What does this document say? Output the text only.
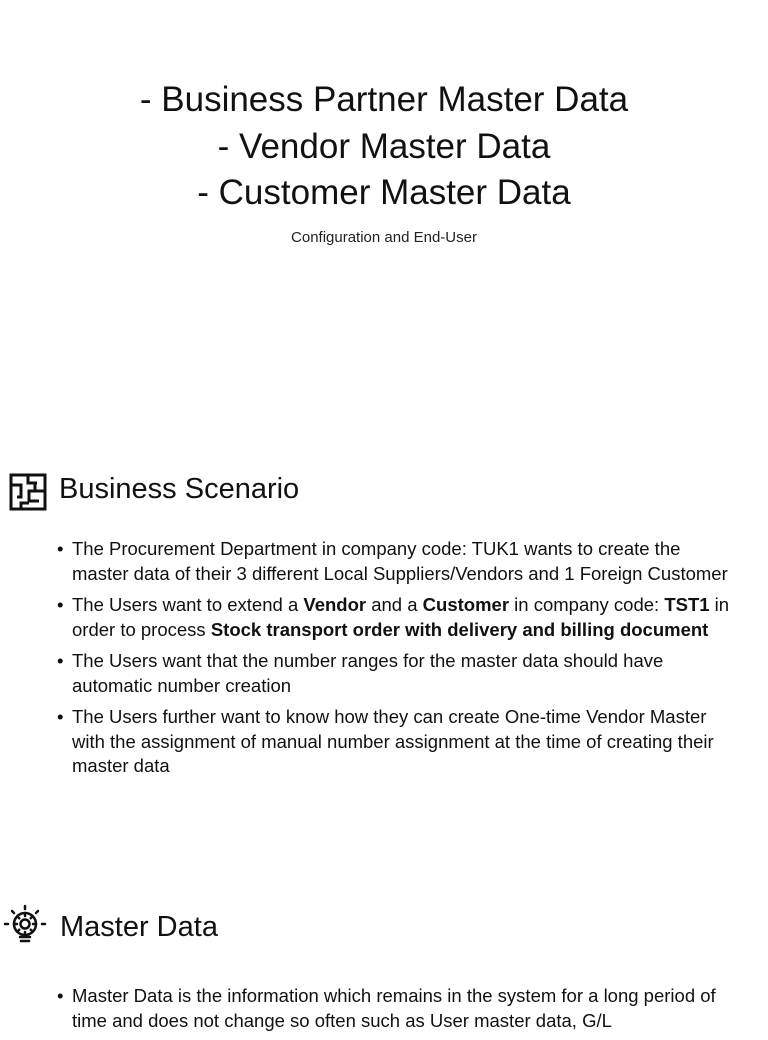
- Business Partner Master Data
- Vendor Master Data
- Customer Master Data
Configuration and End-User
Business Scenario
• The Procurement Department in company code: TUK1 wants to create the master data of their 3 different Local Suppliers/Vendors and 1 Foreign Customer
• The Users want to extend a Vendor and a Customer in company code: TST1 in order to process Stock transport order with delivery and billing document
• The Users want that the number ranges for the master data should have automatic number creation
• The Users further want to know how they can create One-time Vendor Master with the assignment of manual number assignment at the time of creating their master data
Master Data
• Master Data is the information which remains in the system for a long period of time and does not change so often such as User master data, G/L
